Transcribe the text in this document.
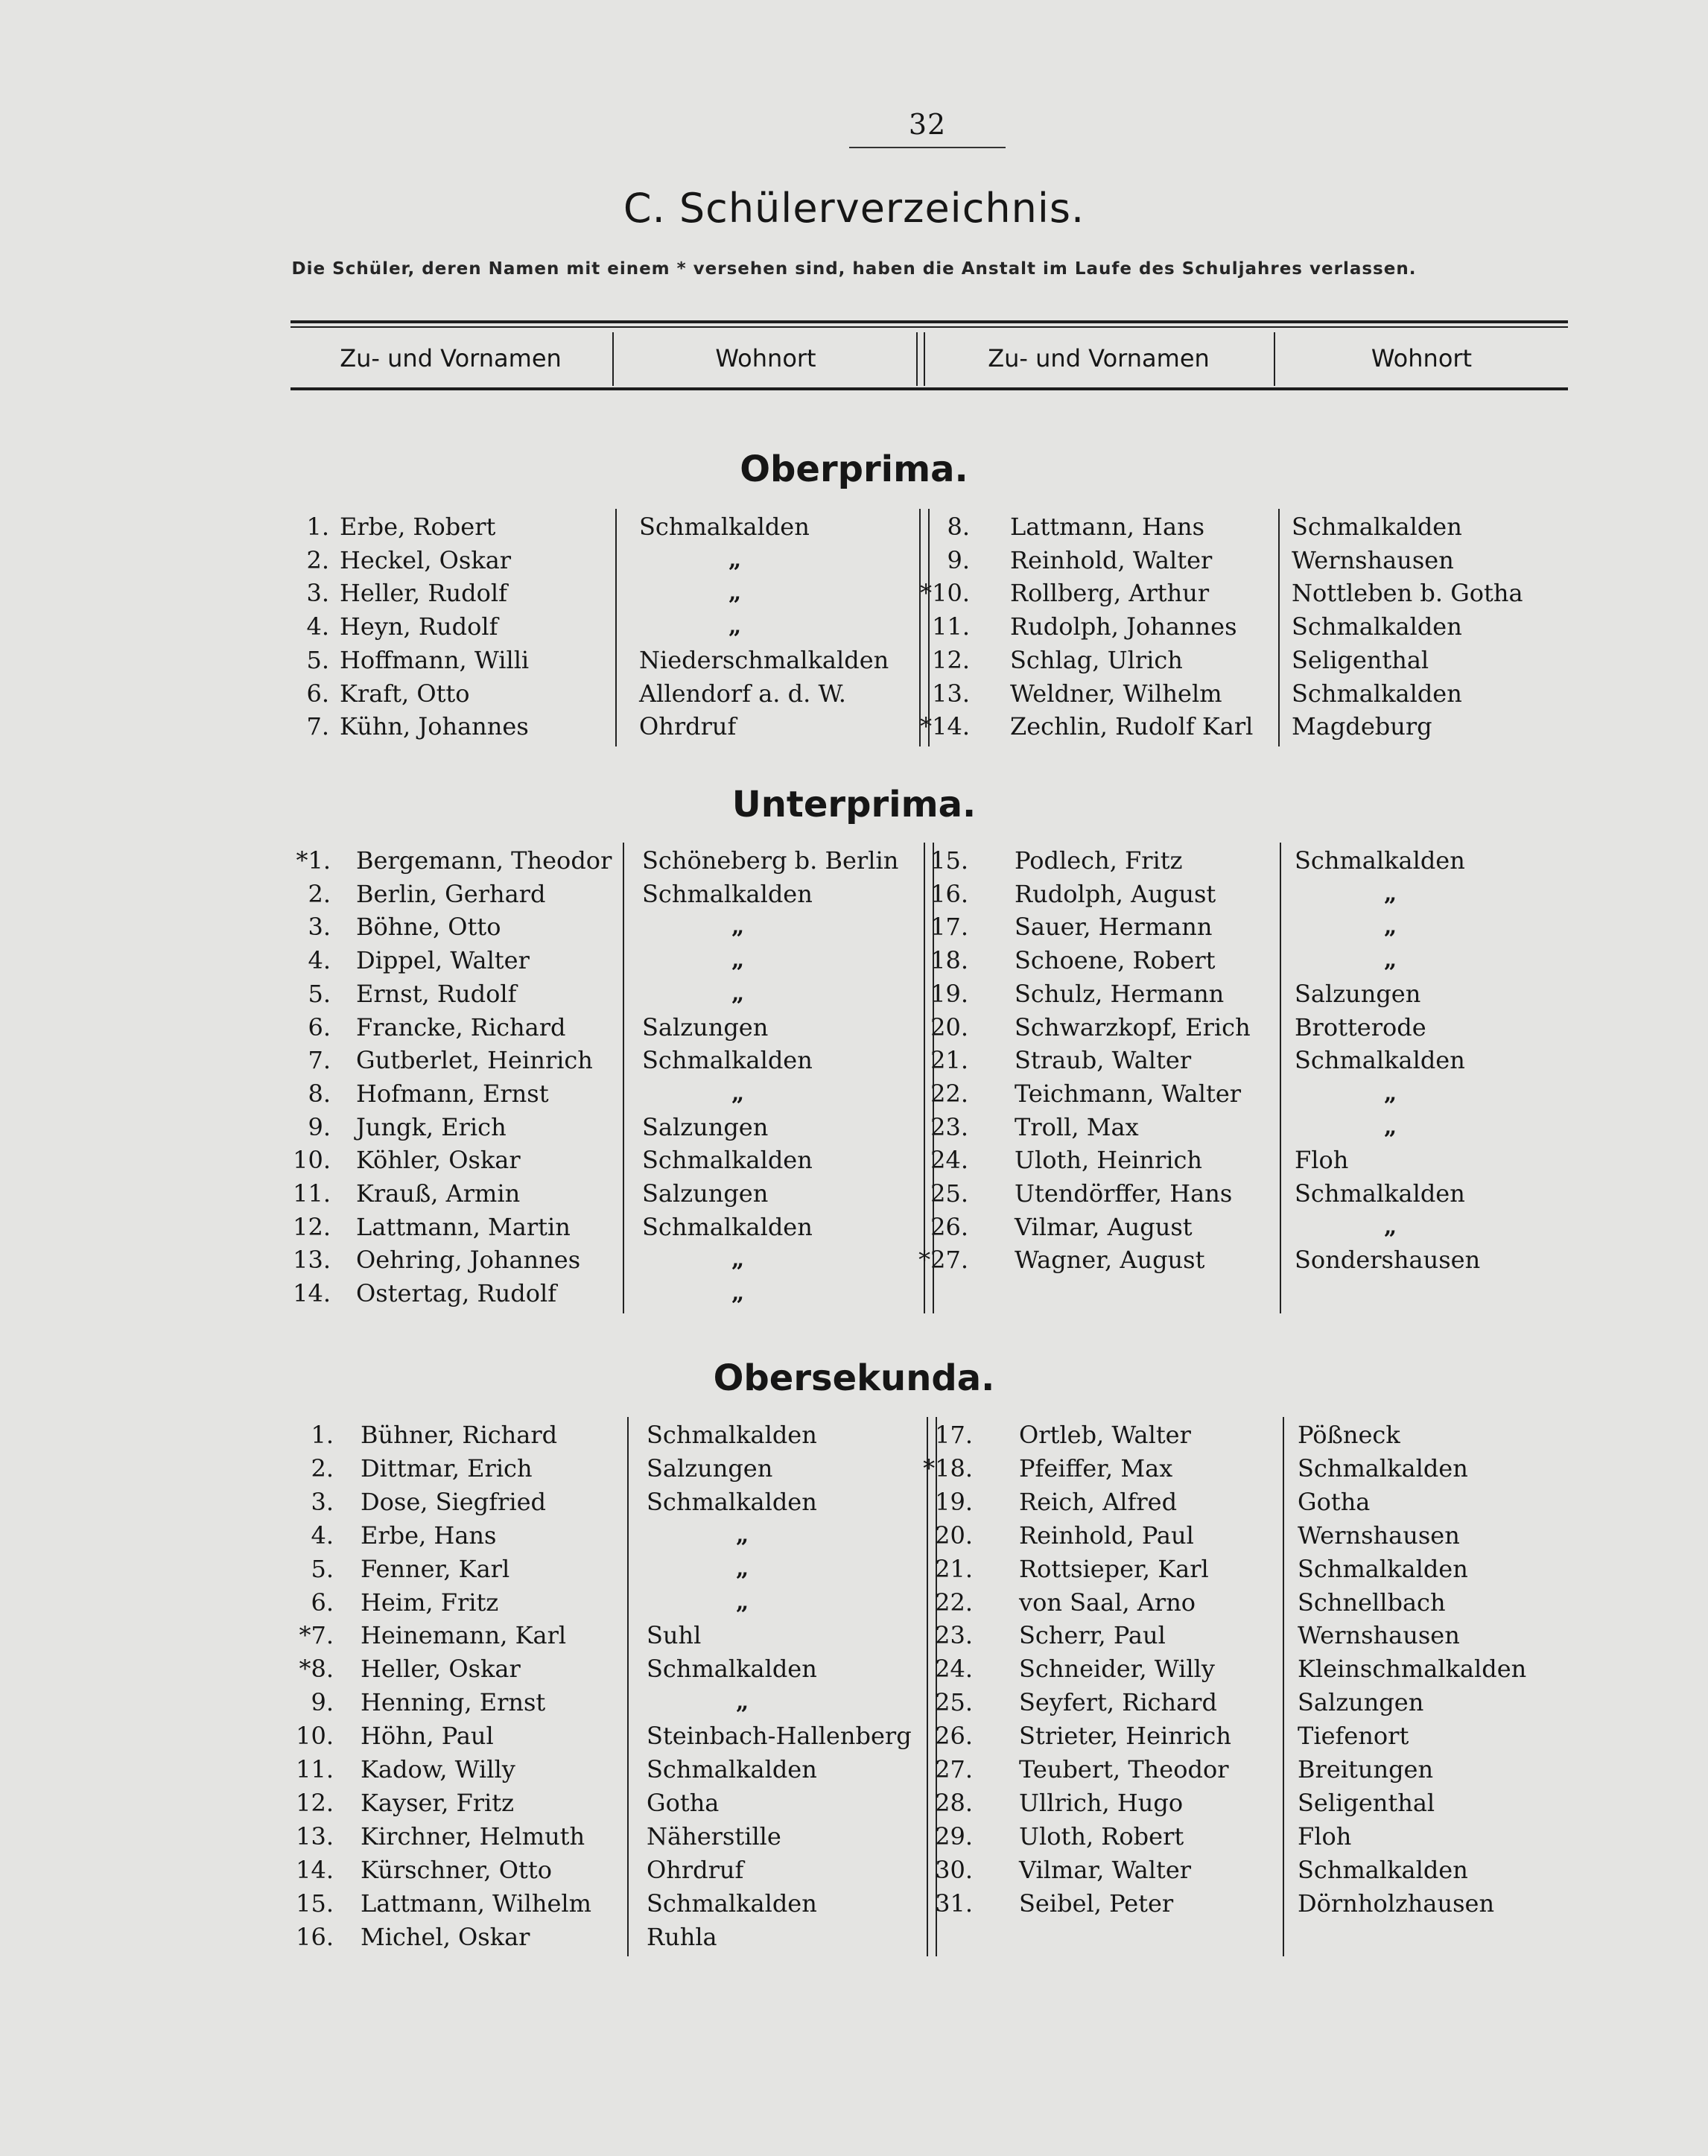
32
C. Schülerverzeichnis.
Die Schüler, deren Namen mit einem * versehen sind, haben die Anstalt im Laufe des Schuljahres verlassen.
Zu- und Vornamen	Wohnort	Zu- und Vornamen	Wohnort
Oberprima.
1. Erbe, Robert	Schmalkalden
2. Heckel, Oskar	„
3. Heller, Rudolf	„
4. Heyn, Rudolf	„
5. Hoffmann, Willi	Niederschmalkalden
6. Kraft, Otto	Allendorf a. d. W.
7. Kühn, Johannes	Ohrdruf
8. Lattmann, Hans	Schmalkalden
9. Reinhold, Walter	Wernshausen
*10. Rollberg, Arthur	Nottleben b. Gotha
11. Rudolph, Johannes Schmalkalden
12. Schlag, Ulrich	Seligenthal
13. Weldner, Wilhelm	Schmalkalden
*14. Zechlin, Rudolf Karl Magdeburg
Unterprima.
*1. Bergemann, Theodor Schöneberg b. Berlin
2. Berlin, Gerhard	Schmalkalden
3. Böhne, Otto	„
4. Dippel, Walter	„
5. Ernst, Rudolf	„
6. Francke, Richard	Salzungen
7. Gutberlet, Heinrich Schmalkalden
8. Hofmann, Ernst	„
9. Jungk, Erich	Salzungen
10. Köhler, Oskar	Schmalkalden
11. Krauß, Armin	Salzungen
12. Lattmann, Martin	Schmalkalden
13. Oehring, Johannes	„
14. Ostertag, Rudolf	„
15. Podlech, Fritz	Schmalkalden
16. Rudolph, August	„
17. Sauer, Hermann	„
18. Schoene, Robert	„
19. Schulz, Hermann	Salzungen
20. Schwarzkopf, Erich Brotterode
21. Straub, Walter	Schmalkalden
22. Teichmann, Walter	„
23. Troll, Max	„
24. Uloth, Heinrich	Floh
25. Utendörffer, Hans	Schmalkalden
26. Vilmar, August	„
*27. Wagner, August	Sondershausen
Obersekunda.
1. Bühner, Richard	Schmalkalden
2. Dittmar, Erich	Salzungen
3. Dose, Siegfried	Schmalkalden
4. Erbe, Hans	„
5. Fenner, Karl	„
6. Heim, Fritz	„
*7. Heinemann, Karl	Suhl
*8. Heller, Oskar	Schmalkalden
9. Henning, Ernst	„
10. Höhn, Paul	Steinbach-Hallenberg
11. Kadow, Willy	Schmalkalden
12. Kayser, Fritz	Gotha
13. Kirchner, Helmuth	Näherstille
14. Kürschner, Otto	Ohrdruf
15. Lattmann, Wilhelm Schmalkalden
16. Michel, Oskar	Ruhla
17. Ortleb, Walter	Pößneck
*18. Pfeiffer, Max	Schmalkalden
19. Reich, Alfred	Gotha
20. Reinhold, Paul	Wernshausen
21. Rottsieper, Karl	Schmalkalden
22. von Saal, Arno	Schnellbach
23. Scherr, Paul	Wernshausen
24. Schneider, Willy	Kleinschmalkalden
25. Seyfert, Richard	Salzungen
26. Strieter, Heinrich	Tiefenort
27. Teubert, Theodor	Breitungen
28. Ullrich, Hugo	Seligenthal
29. Uloth, Robert	Floh
30. Vilmar, Walter	Schmalkalden
31. Seibel, Peter	Dörnholzhausen
